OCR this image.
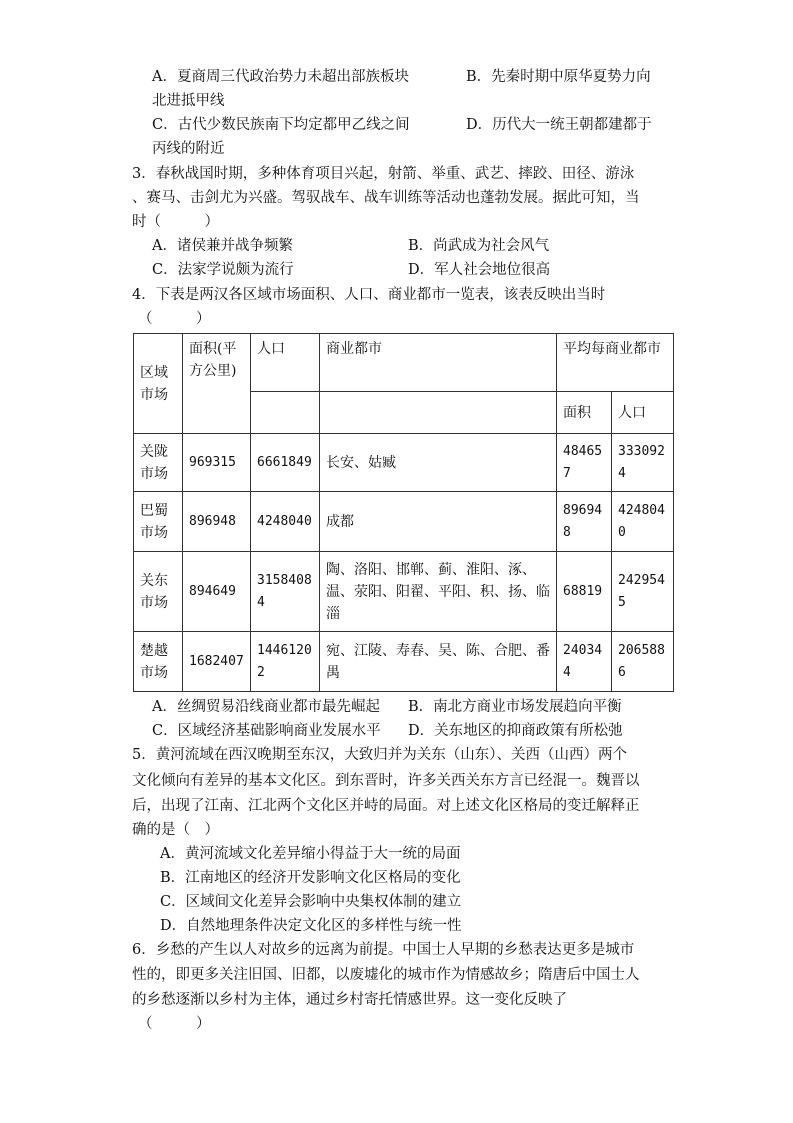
A．夏商周三代政治势力未超出部族板块	B．先秦时期中原华夏势力向
北进抵甲线
C．古代少数民族南下均定都甲乙线之间	D．历代大一统王朝都建都于
丙线的附近
3．春秋战国时期，多种体育项目兴起，射箭、举重、武艺、摔跤、田径、游泳
、赛马、击剑尤为兴盛。驾驭战车、战车训练等活动也蓬勃发展。据此可知，当
时（　　　）
A．诸侯兼并战争频繁	B．尚武成为社会风气
C．法家学说颇为流行	D．军人社会地位很高
4．下表是两汉各区域市场面积、人口、商业都市一览表，该表反映出当时
（　　　）
区域市场	面积(平方公里)	人口	商业都市	平均每商业都市	
				面积	人口
关陇市场	969315	6661849	长安、姑臧	484657	3330924
巴蜀市场	896948	4248040	成都	896948	4248040
关东市场	894649	31584084	陶、洛阳、邯郸、蓟、淮阳、涿、温、荥阳、阳翟、平阳、积、扬、临淄	68819	2429545
楚越市场	1682407	14461202	宛、江陵、寿春、吴、陈、合肥、番禺	240344	2065886
A．丝绸贸易沿线商业都市最先崛起 B．南北方商业市场发展趋向平衡
C．区域经济基础影响商业发展水平 D．关东地区的抑商政策有所松弛
5．黄河流域在西汉晚期至东汉，大致归并为关东（山东）、关西（山西）两个
文化倾向有差异的基本文化区。到东晋时，许多关西关东方言已经混一。魏晋以
后，出现了江南、江北两个文化区并峙的局面。对上述文化区格局的变迁解释正
确的是（　）
A．黄河流域文化差异缩小得益于大一统的局面
B．江南地区的经济开发影响文化区格局的变化
C．区域间文化差异会影响中央集权体制的建立
D．自然地理条件决定文化区的多样性与统一性
6．乡愁的产生以人对故乡的远离为前提。中国士人早期的乡愁表达更多是城市
性的，即更多关注旧国、旧都，以废墟化的城市作为情感故乡；隋唐后中国士人
的乡愁逐渐以乡村为主体，通过乡村寄托情感世界。这一变化反映了
（　　　）
